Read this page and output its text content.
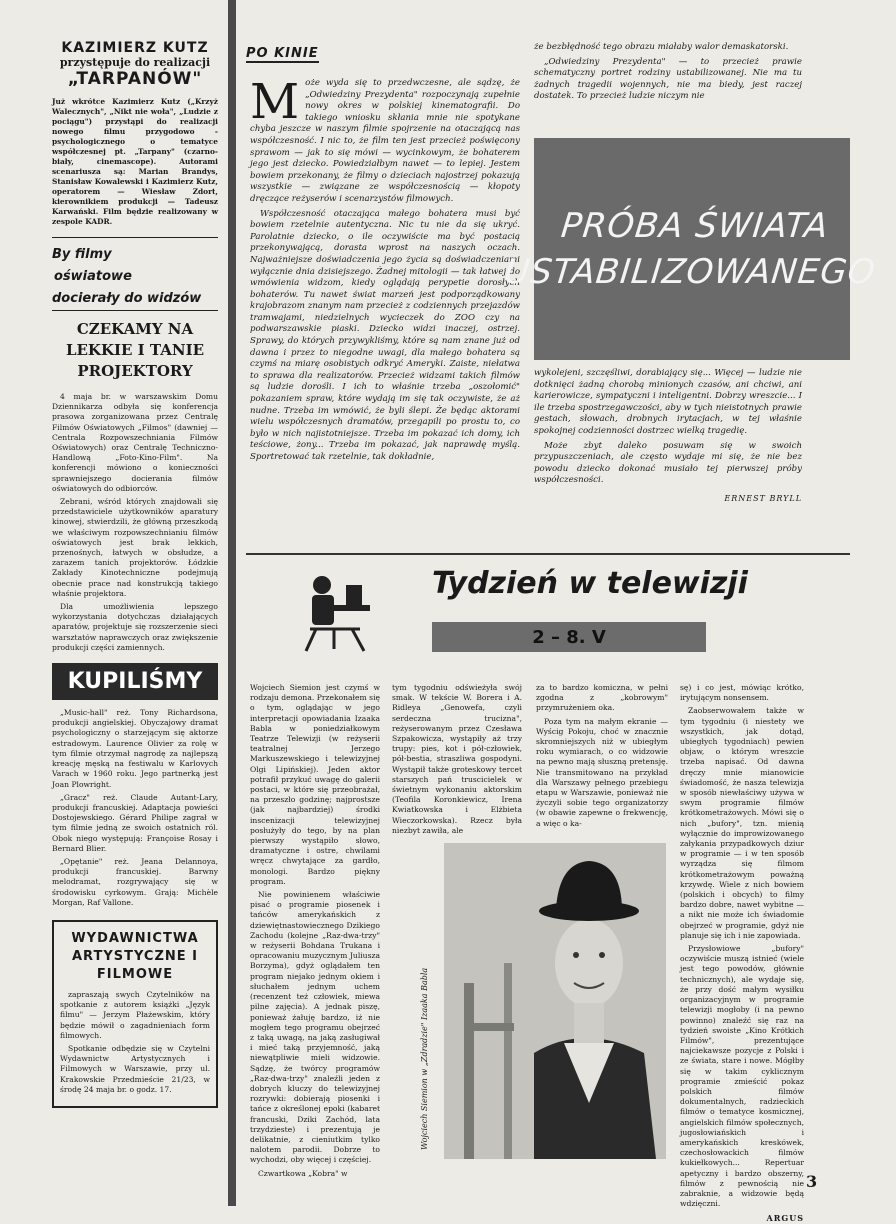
KAZIMIERZ KUTZ
przystępuje do realizacji
„TARPANÓW"
Już wkrótce Kazimierz Kutz („Krzyż Walecznych", „Nikt nie woła", „Ludzie z pociągu") przystąpi do realizacji nowego filmu przygodowo - psychologicznego o tematyce współczesnej pt. „Tarpany" (czarno-biały, cinemascope). Autorami scenariusza są: Marian Brandys, Stanisław Kowalewski i Kazimierz Kutz, operatorem — Wiesław Zdort, kierownikiem produkcji — Tadeusz Karwański. Film będzie realizowany w zespole KADR.
By filmy
oświatowe
docierały do widzów
CZEKAMY NA LEKKIE I TANIE PROJEKTORY

4 maja br. w warszawskim Domu Dziennikarza odbyła się konferencja prasowa zorganizowana przez Centralę Filmów Oświatowych „Filmos" (dawniej — Centrala Rozpowszechniania Filmów Oświatowych) oraz Centralę Techniczno-Handlową „Foto-Kino-Film". Na konferencji mówiono o konieczności sprawniejszego docierania filmów oświatowych do odbiorców.

Zebrani, wśród których znajdowali się przedstawiciele użytkowników aparatury kinowej, stwierdzili, że główną przeszkodą we właściwym rozpowszechnianiu filmów oświatowych jest brak lekkich, przenośnych, łatwych w obsłudze, a zarazem tanich projektorów. Łódzkie Zakłady Kinotechniczne podejmują obecnie prace nad konstrukcją takiego właśnie projektora.

Dla umożliwienia lepszego wykorzystania dotychczas działających aparatów, projektuje się rozszerzenie sieci warsztatów naprawczych oraz zwiększenie produkcji części zamiennych.

KUPILIŚMY

„Music-hall" reż. Tony Richardsona, produkcji angielskiej. Obyczajowy dramat psychologiczny o starzejącym się aktorze estradowym. Laurence Olivier za rolę w tym filmie otrzymał nagrodę za najlepszą kreację męską na festiwalu w Karlovych Varach w 1960 roku. Jego partnerką jest Joan Plowright.

„Gracz" reż. Claude Autant-Lary, produkcji francuskiej. Adaptacja powieści Dostojewskiego. Gérard Philipe zagrał w tym filmie jedną ze swoich ostatnich ról. Obok niego występują: Françoise Rosay i Bernard Blier.

„Opętanie" reż. Jeana Delannoya, produkcji francuskiej. Barwny melodramat, rozgrywający się w środowisku cyrkowym. Grają: Michèle Morgan, Raf Vallone.

WYDAWNICTWA ARTYSTYCZNE I FILMOWE

zapraszają swych Czytelników na spotkanie z autorem książki „Język filmu" — Jerzym Płażewskim, który będzie mówił o zagadnieniach form filmowych.

Spotkanie odbędzie się w Czytelni Wydawnictw Artystycznych i Filmowych w Warszawie, przy ul. Krakowskie Przedmieście 21/23, w środę 24 maja br. o godz. 17.

PO KINIE
M oże wyda się to przedwczesne, ale sądzę, że „Odwiedziny Prezydenta" rozpoczynają zupełnie nowy okres w polskiej kinematografii. Do takiego wniosku skłania mnie nie spotykane chyba jeszcze w naszym filmie spojrzenie na otaczającą nas współczesność. I nic to, że film ten jest przecież poświęcony sprawom — jak to się mówi — wycinkowym, że bohaterem jego jest dziecko. Powiedziałbym nawet — to lepiej. Jestem bowiem przekonany, że filmy o dzieciach najostrzej pokazują wszystkie — związane ze współczesnością — kłopoty dręczące reżyserów i scenarzystów filmowych.

Współczesność otaczająca małego bohatera musi być bowiem rzetelnie autentyczna. Nic tu nie da się ukryć. Parolatnie dziecko, o ile oczywiście ma być postacią przekonywającą, dorasta wprost na naszych oczach. Najważniejsze doświadczenia jego życia są doświadczeniami wyłącznie dnia dzisiejszego. Żadnej mitologii — tak łatwej do wmówienia widzom, kiedy oglądają perypetie dorosłych bohaterów. Tu nawet świat marzeń jest podporządkowany krajobrazom znanym nam przecież z codziennych przejazdów tramwajami, niedzielnych wycieczek do ZOO czy na podwarszawskie piaski. Dziecko widzi inaczej, ostrzej. Sprawy, do których przywykliśmy, które są nam znane już od dawna i przez to niegodne uwagi, dla małego bohatera są czymś na miarę osobistych odkryć Ameryki. Zaiste, niełatwa to sprawa dla realizatorów. Przecież widzami takich filmów są ludzie dorośli. I ich to właśnie trzeba „oszołomić" pokazaniem spraw, które wydają im się tak oczywiste, że aż nudne. Trzeba im wmówić, że byli ślepi. Że będąc aktorami wielu współczesnych dramatów, przegapili po prostu to, co było w nich najistotniejsze. Trzeba im pokazać ich domy, ich teściowe, żony... Trzeba im pokazać, jak naprawdę myślą. Sportretować tak rzetelnie, tak dokładnie,

że bezbłędność tego obrazu miałaby walor demaskatorski.

„Odwiedziny Prezydenta" — to przecież prawie schematyczny portret rodziny ustabilizowanej. Nie ma tu żadnych tragedii wojennych, nie ma biedy, jest raczej dostatek. To przecież ludzie niczym nie

PRÓBA ŚWIATA USTABILIZOWANEGO

wykolejeni, szczęśliwi, dorabiający się... Więcej — ludzie nie dotknięci żadną chorobą minionych czasów, ani chciwi, ani karierowicze, sympatyczni i inteligentni. Dobrzy wreszcie... I ile trzeba spostrzegawczości, aby w tych nieistotnych prawie gestach, słowach, drobnych irytacjach, w tej właśnie spokojnej codzienności dostrzec wielką tragedię.

Może zbyt daleko posuwam się w swoich przypuszczeniach, ale często wydaje mi się, że nie bez powodu dziecko dokonać musiało tej pierwszej próby współczesności.

ERNEST BRYLL
Tydzień w telewizji
2 – 8. V

Wojciech Siemion jest czymś w rodzaju demona. Przekonałem się o tym, oglądając w jego interpretacji opowiadania Izaaka Babla w poniedziałkowym Teatrze Telewizji (w reżyserii teatralnej Jerzego Markuszewskiego i telewizyjnej Olgi Lipińskiej). Jeden aktor potrafił przykuć uwagę do galerii postaci, w które się przeobrażał, na przeszło godzinę; najprostsze (jak najbardziej) środki inscenizacji telewizyjnej posłużyły do tego, by na plan pierwszy wystąpiło słowo, dramatyczne i ostre, chwilami wręcz chwytające za gardło, monologi. Bardzo piękny program.

Nie powinienem właściwie pisać o programie piosenek i tańców amerykańskich z dziewiętnastowiecznego Dzikiego Zachodu (kolejne „Raz-dwa-trzy" w reżyserii Bohdana Trukana i opracowaniu muzycznym Juliusza Borzyma), gdyż oglądałem ten program niejako jednym okiem i słuchałem jednym uchem (recenzent też człowiek, miewa pilne zajęcia). A jednak piszę, ponieważ żałuję bardzo, iż nie mogłem tego programu obejrzeć z taką uwagą, na jaką zasługiwał i mieć taką przyjemność, jaką niewątpliwie mieli widzowie. Sądzę, że twórcy programów „Raz-dwa-trzy" znaleźli jeden z dobrych kluczy do telewizyjnej rozrywki: dobierają piosenki i tańce z określonej epoki (kabaret francuski, Dziki Zachód, lata trzydzieste) i prezentują je delikatnie, z cieniutkim tylko nalotem parodii. Dobrze to wychodzi, oby więcej i częściej.

Czwartkowa „Kobra" w

tym tygodniu odświeżyła swój smak. W tekście W. Borera i A. Ridleya „Genowefa, czyli serdeczna trucizna", reżyserowanym przez Czesława Szpakowicza, wystąpiły aż trzy trupy: pies, kot i pół-człowiek, pół-bestia, straszliwa gospodyni. Wystąpił także groteskowy tercet starszych pań truscicielek w świetnym wykonaniu aktorskim (Teofila Koronkiewicz, Irena Kwiatkowska i Elżbieta Wieczorkowska). Rzecz była niezbyt zawiła, ale

za to bardzo komiczna, w pełni zgodna z „kobrowym" przymrużeniem oka.

Poza tym na małym ekranie — Wyścig Pokoju, choć w znacznie skromniejszych niż w ubiegłym roku wymiarach, o co widzowie na pewno mają słuszną pretensję. Nie transmitowano na przykład dla Warszawy pełnego przebiegu etapu w Warszawie, ponieważ nie życzyli sobie tego organizatorzy (w obawie zapewne o frekwencję, a więc o ka-

sę) i co jest, mówiąc krótko, irytującym nonsensem.

Zaobserwowałem także w tym tygodniu (i niestety we wszystkich, jak dotąd, ubiegłych tygodniach) pewien objaw, o którym wreszcie trzeba napisać. Od dawna dręczy mnie mianowicie świadomość, że nasza telewizja w sposób niewłaściwy używa w swym programie filmów krótkometrażowych. Mówi się o nich „bufory", tzn. mienią wyłącznie do improwizowanego załykania przypadkowych dziur w programie — i w ten sposób wyrządza się filmom krótkometrażowym poważną krzywdę. Wiele z nich bowiem (polskich i obcych) to filmy bardzo dobre, nawet wybitne — a nikt nie może ich świadomie obejrzeć w programie, gdyż nie planuje się ich i nie zapowiada.

Przysłowiowe „bufory" oczywiście muszą istnieć (wiele jest tego powodów, głównie technicznych), ale wydaje się, że przy dość małym wysiłku organizacyjnym w programie telewizji mogłoby (i na pewno powinno) znaleźć się raz na tydzień swoiste „Kino Krótkich Filmów", prezentujące najciekawsze pozycje z Polski i ze świata, stare i nowe. Mógłby się w takim cyklicznym programie zmieścić pokaz polskich filmów dokumentalnych, radzieckich filmów o tematyce kosmicznej, angielskich filmów społecznych, jugosłowiańskich i amerykańskich kreskówek, czechosłowackich filmów kukiełkowych... Repertuar apetyczny i bardzo obszerny, filmów z pewnością nie zabraknie, a widzowie będą wdzięczni.

ARGUS
Wojciech Siemion w „Zdradzie" Izaaka Babla
3
